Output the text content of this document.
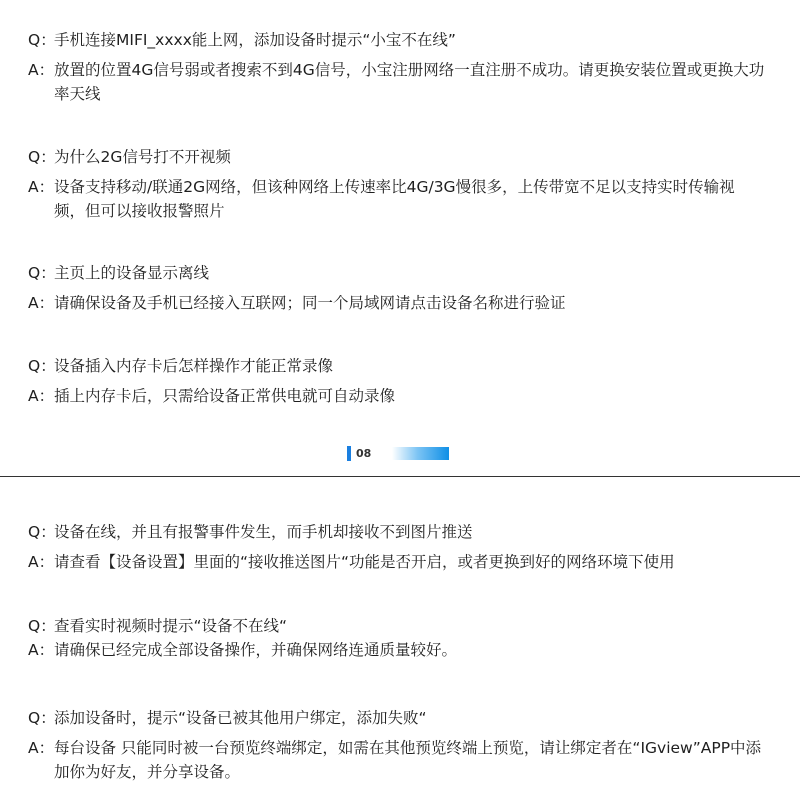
Q：
手机连接MIFI_xxxx能上网，添加设备时提示“小宝不在线”
A： 放置的位置4G信号弱或者搜索不到4G信号，小宝注册网络一直注册不成功。请更换安装位置或更换大功率天线
Q：
为什么2G信号打不开视频
A： 设备支持移动/联通2G网络，但该种网络上传速率比4G/3G慢很多，上传带宽不足以支持实时传输视频，但可以接收报警照片
Q：
主页上的设备显示离线
A： 请确保设备及手机已经接入互联网；同一个局域网请点击设备名称进行验证
Q：
设备插入内存卡后怎样操作才能正常录像
A： 插上内存卡后，只需给设备正常供电就可自动录像
08
Q：
设备在线，并且有报警事件发生，而手机却接收不到图片推送
A： 请查看【设备设置】里面的“接收推送图片“功能是否开启，或者更换到好的网络环境下使用
Q：
查看实时视频时提示“设备不在线“
A： 请确保已经完成全部设备操作，并确保网络连通质量较好。
Q：
添加设备时，提示“设备已被其他用户绑定，添加失败“
A： 每台设备 只能同时被一台预览终端绑定，如需在其他预览终端上预览，请让绑定者在“IGview”APP中添加你为好友，并分享设备。
